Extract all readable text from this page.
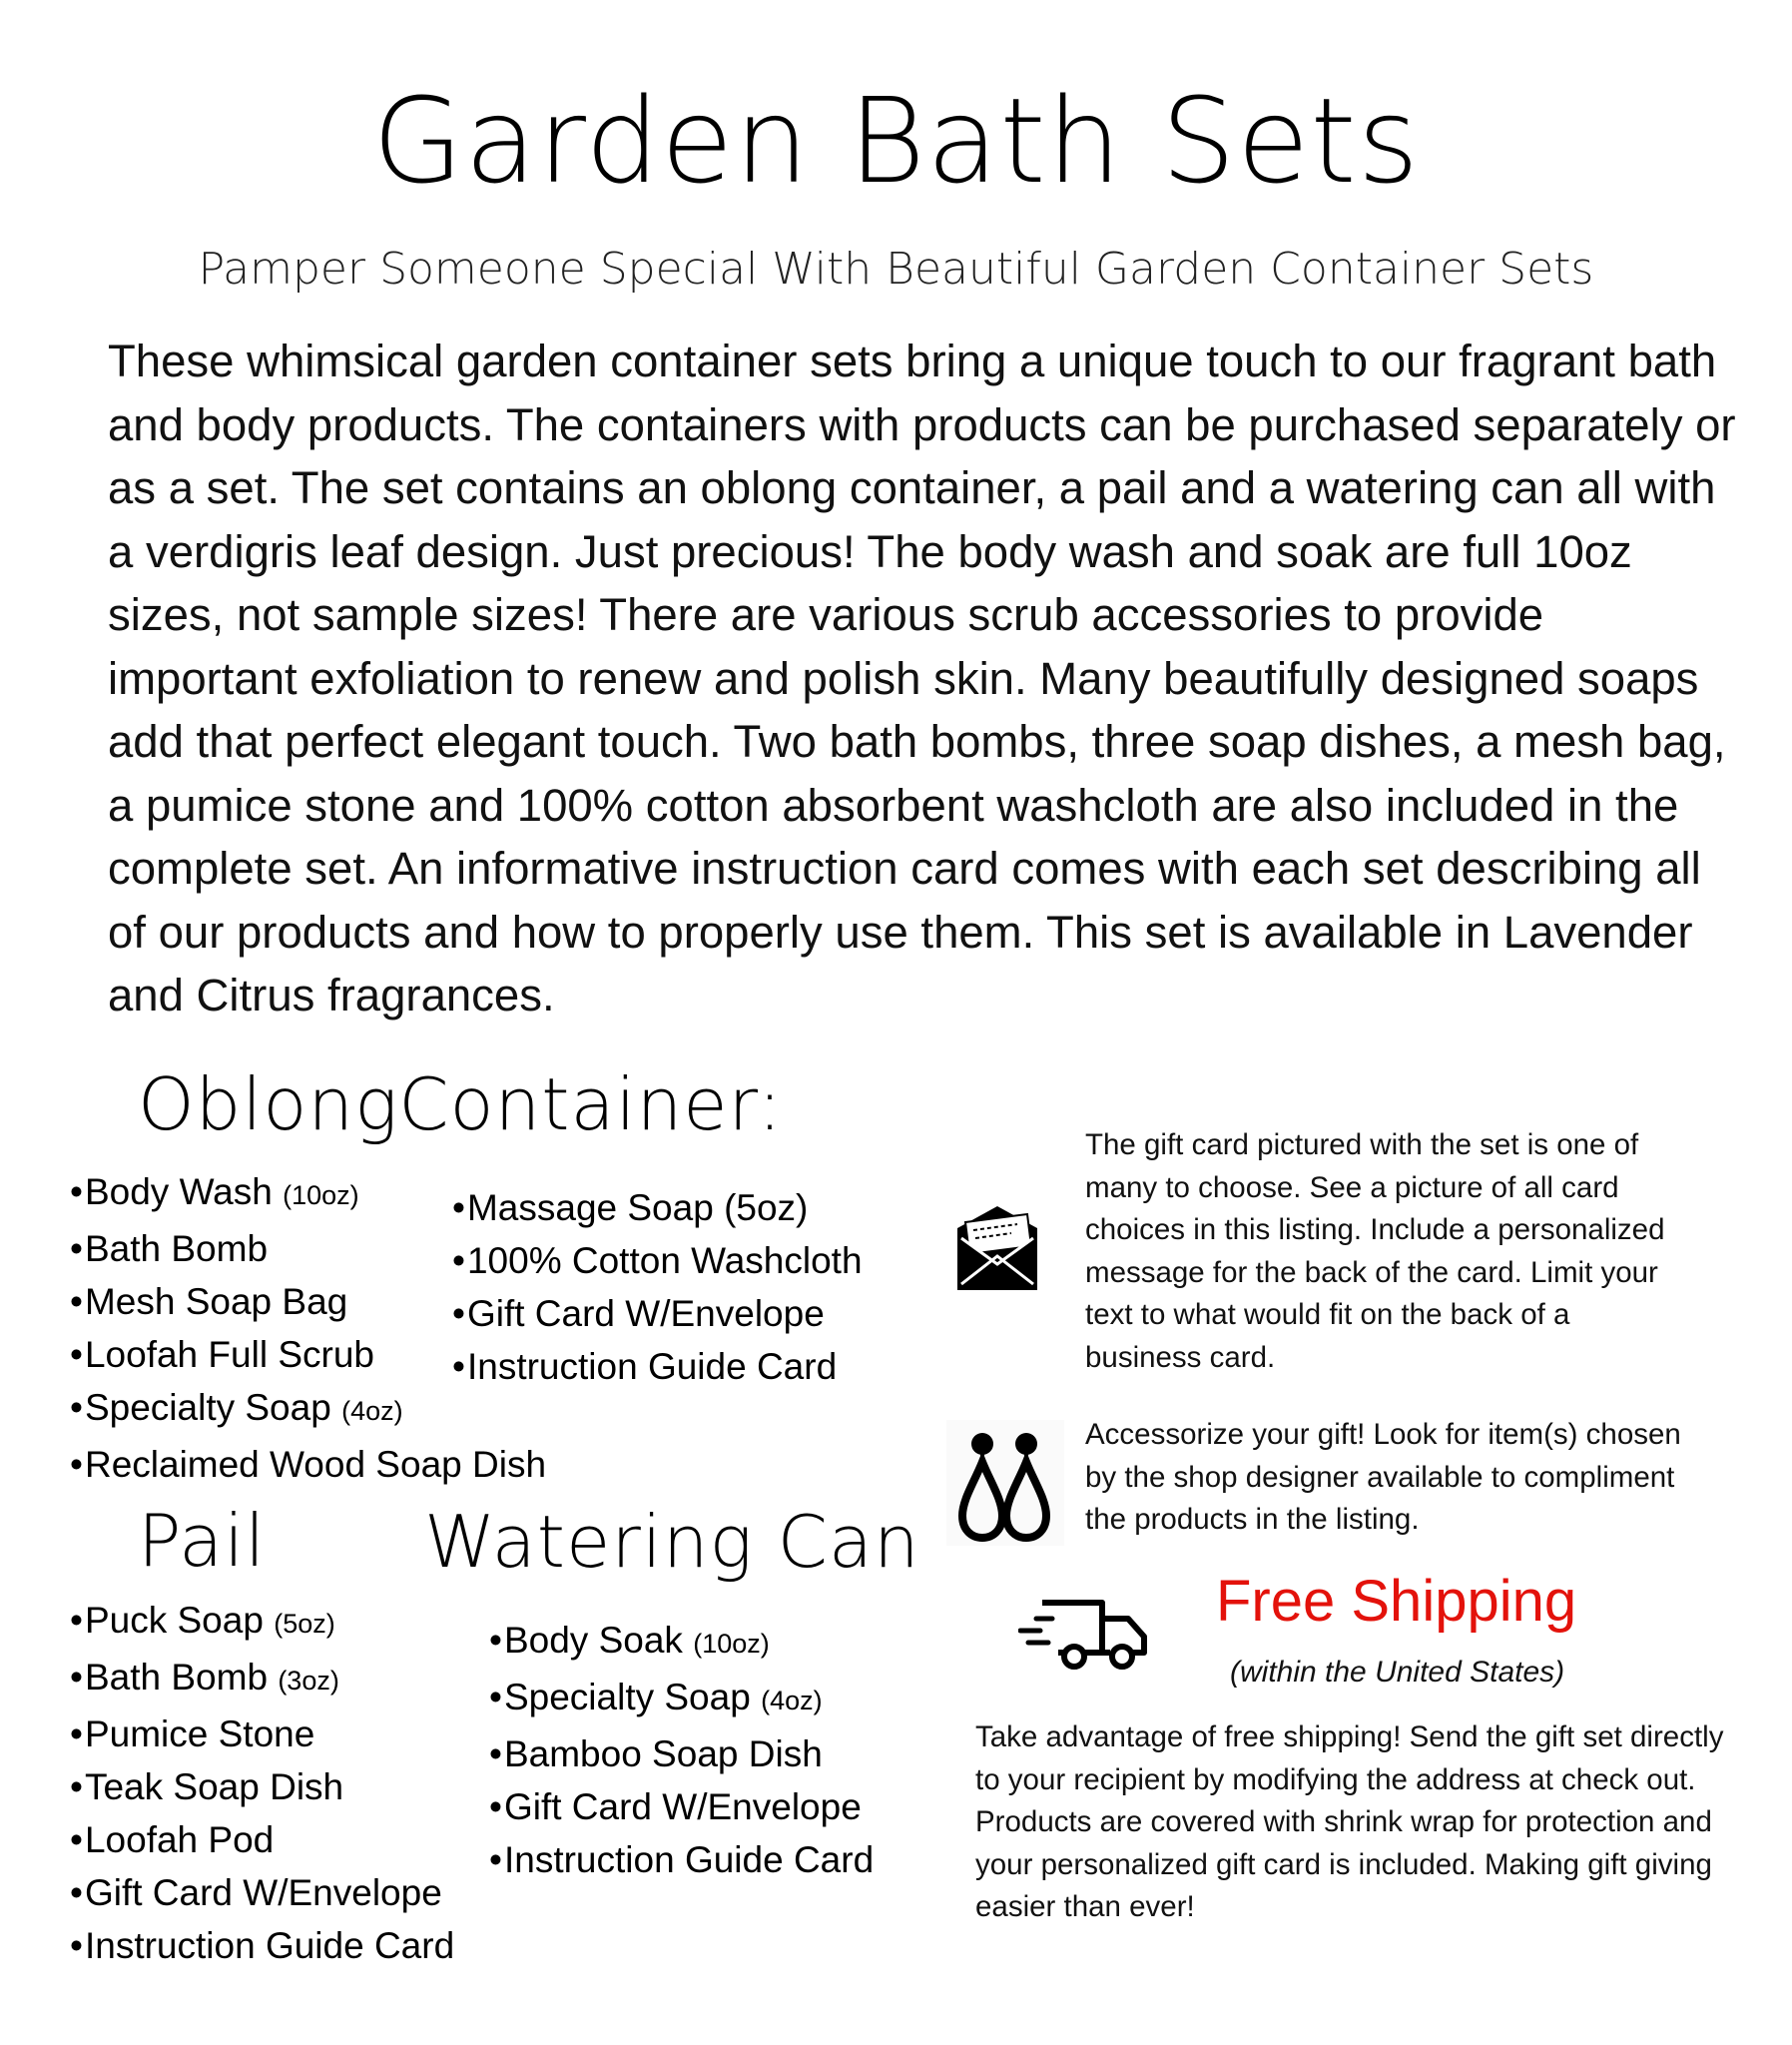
Garden Bath Sets
Pamper Someone Special With Beautiful Garden Container Sets

These whimsical garden container sets bring a unique touch to our fragrant bath and body products. The containers with products can be purchased separately or as a set. The set contains an oblong container, a pail and a watering can all with a verdigris leaf design. Just precious! The body wash and soak are full 10oz sizes, not sample sizes! There are various scrub accessories to provide important exfoliation to renew and polish skin. Many beautifully designed soaps add that perfect elegant touch. Two bath bombs, three soap dishes, a mesh bag, a pumice stone and 100% cotton absorbent washcloth are also included in the complete set. An informative instruction card comes with each set describing all of our products and how to properly use them. This set is available in Lavender and Citrus fragrances.

OblongContainer:
•Body Wash (10oz)
•Bath Bomb
•Mesh Soap Bag
•Loofah Full Scrub
•Specialty Soap (4oz)
•Reclaimed Wood Soap Dish
•Massage Soap (5oz)
•100% Cotton Washcloth
•Gift Card W/Envelope
•Instruction Guide Card
Pail
•Puck Soap (5oz)
•Bath Bomb (3oz)
•Pumice Stone
•Teak Soap Dish
•Loofah Pod
•Gift Card W/Envelope
•Instruction Guide Card
Watering Can
•Body Soak (10oz)
•Specialty Soap (4oz)
•Bamboo Soap Dish
•Gift Card W/Envelope
•Instruction Guide Card
The gift card pictured with the set is one of many to choose. See a picture of all card choices in this listing. Include a personalized message for the back of the card. Limit your text to what would fit on the back of a business card.
Accessorize your gift! Look for item(s) chosen by the shop designer available to compliment the products in the listing.
Free Shipping
(within the United States)
Take advantage of free shipping! Send the gift set directly to your recipient by modifying the address at check out. Products are covered with shrink wrap for protection and your personalized gift card is included. Making gift giving easier than ever!
